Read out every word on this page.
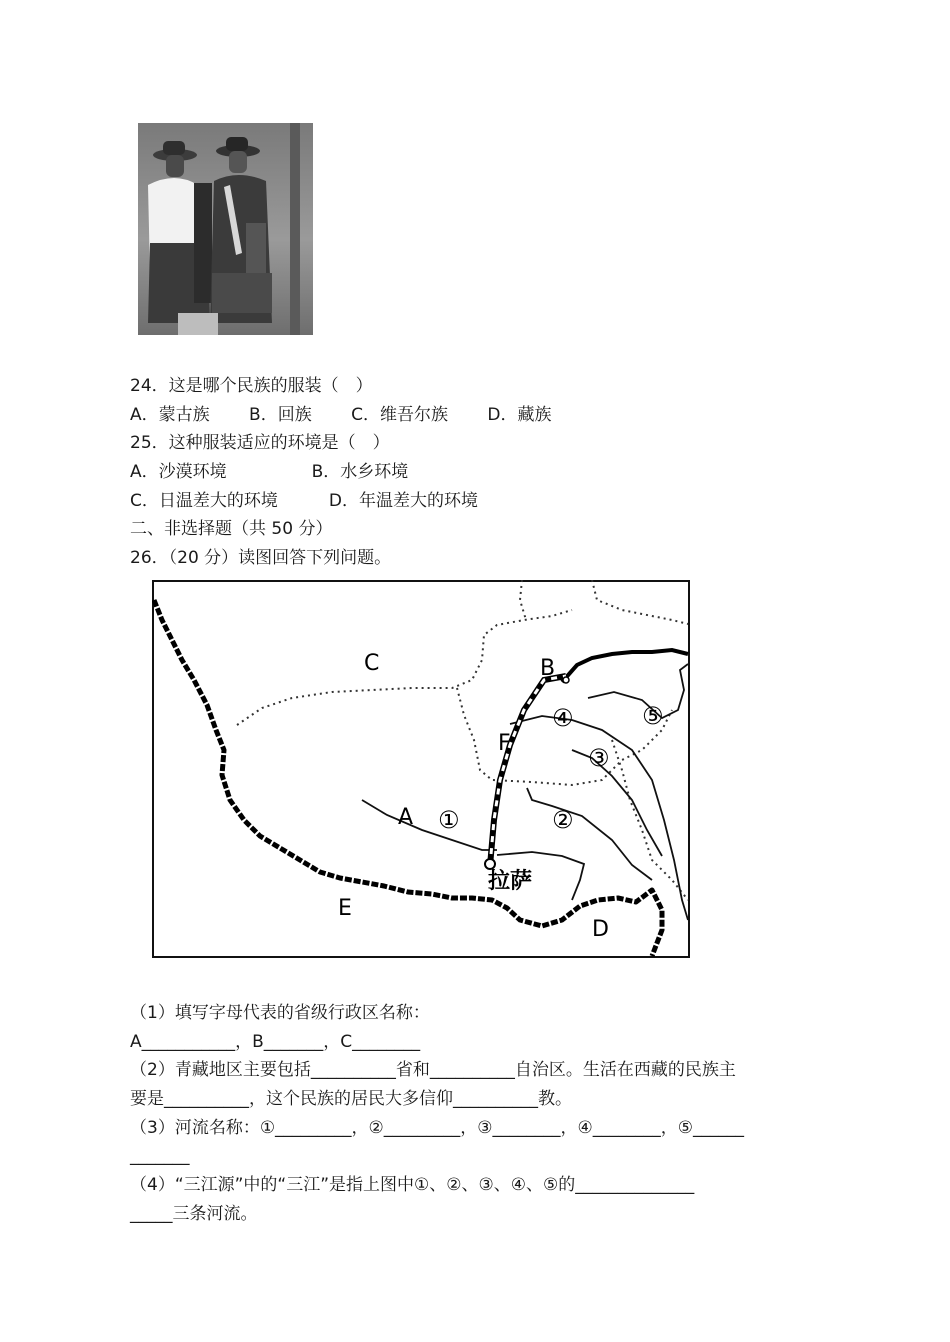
24．这是哪个民族的服装（　）
A．蒙古族　　 B．回族　　 C．维吾尔族　　 D．藏族
25．这种服装适应的环境是（　）
A．沙漠环境　　　　　B．水乡环境
C．日温差大的环境　　　D．年温差大的环境
二、非选择题（共 50 分）
26．（20 分）读图回答下列问题。
C	B
A
F
E
D
①	②
③
④	⑤
拉萨
（1）填写字母代表的省级行政区名称：
A___________，B_______，C________
（2）青藏地区主要包括__________省和__________自治区。生活在西藏的民族主
要是__________，这个民族的居民大多信仰__________教。
（3）河流名称：①_________，②_________，③________，④________，⑤______
_______
（4）“三江源”中的“三江”是指上图中①、②、③、④、⑤的______________
_____三条河流。
